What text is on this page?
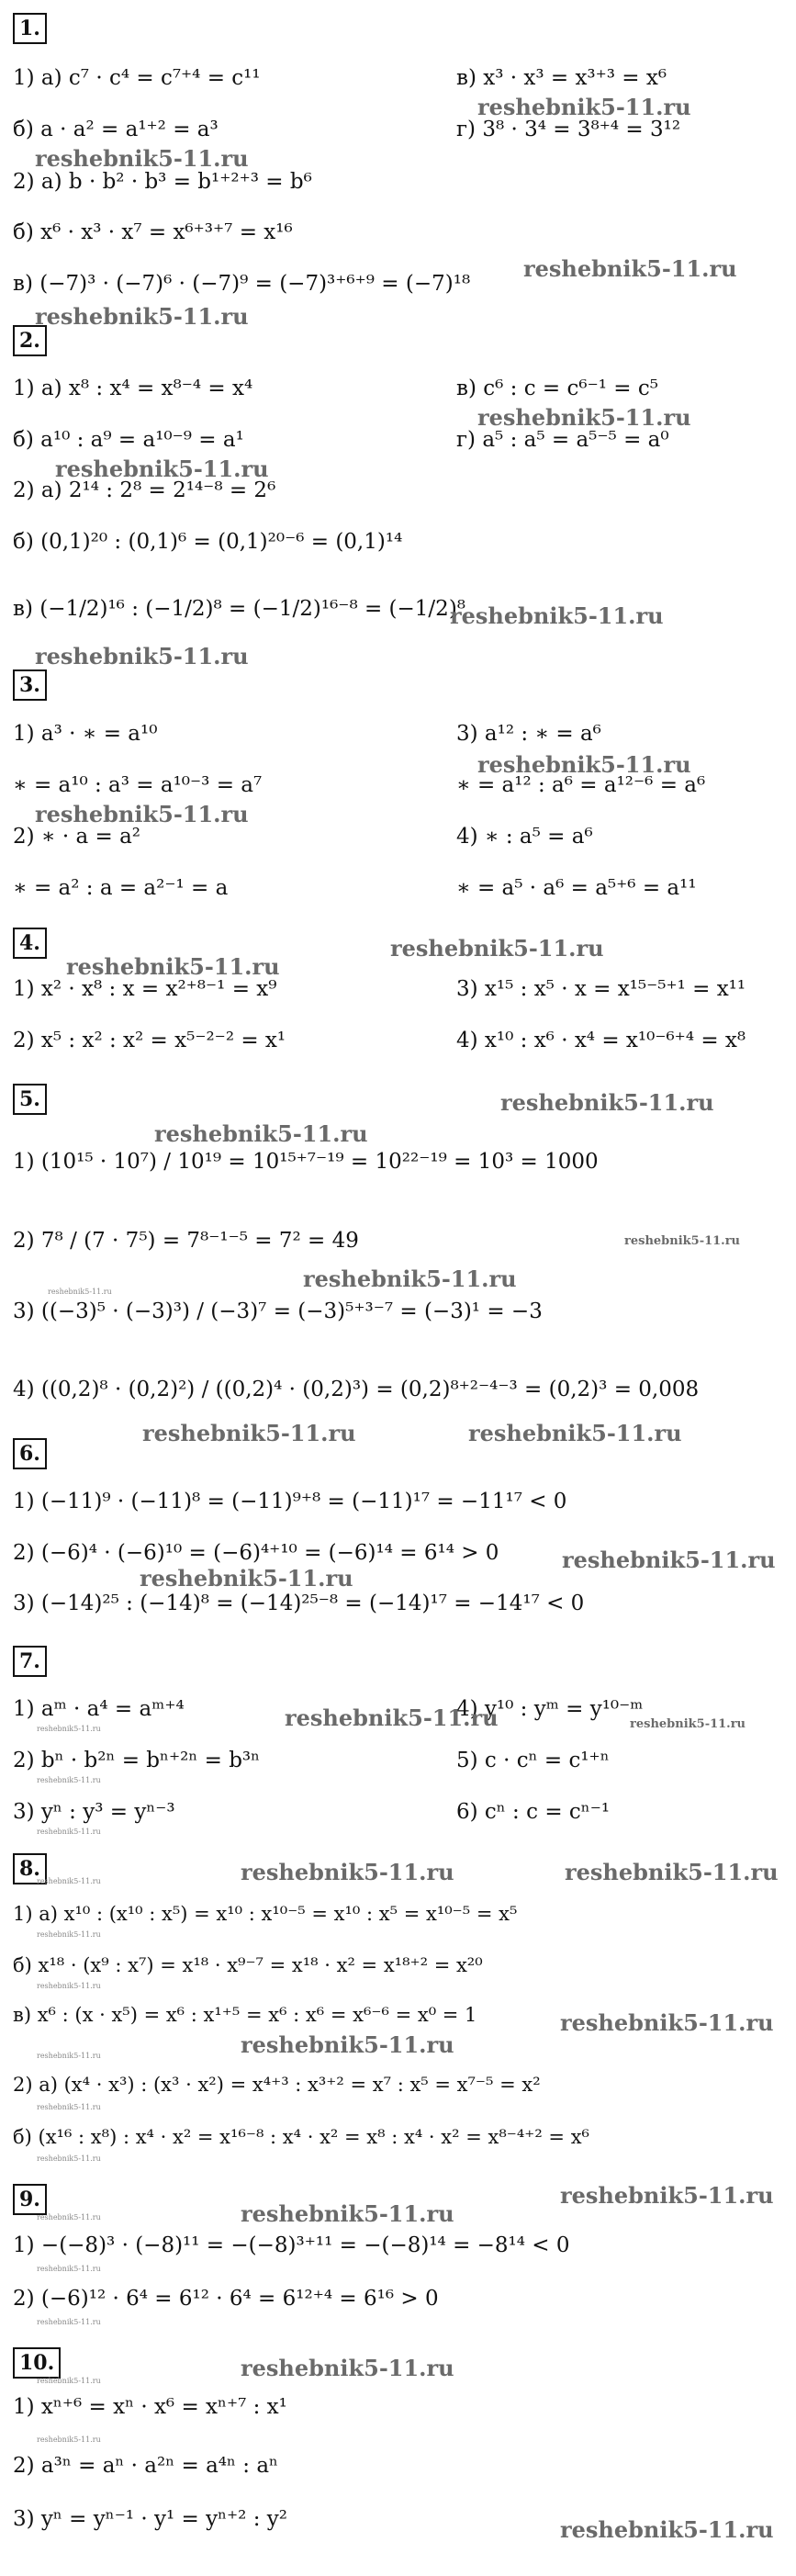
1.
1) а) c⁷ · c⁴ = c⁷⁺⁴ = c¹¹	в) x³ · x³ = x³⁺³ = x⁶
б) a · a² = a¹⁺² = a³	г) 3⁸ · 3⁴ = 3⁸⁺⁴ = 3¹²
2) а) b · b² · b³ = b¹⁺²⁺³ = b⁶
б) x⁶ · x³ · x⁷ = x⁶⁺³⁺⁷ = x¹⁶
в) (−7)³ · (−7)⁶ · (−7)⁹ = (−7)³⁺⁶⁺⁹ = (−7)¹⁸
2.
1) а) x⁸ : x⁴ = x⁸⁻⁴ = x⁴	в) c⁶ : c = c⁶⁻¹ = c⁵
б) a¹⁰ : a⁹ = a¹⁰⁻⁹ = a¹	г) a⁵ : a⁵ = a⁵⁻⁵ = a⁰
2) а) 2¹⁴ : 2⁸ = 2¹⁴⁻⁸ = 2⁶
б) (0,1)²⁰ : (0,1)⁶ = (0,1)²⁰⁻⁶ = (0,1)¹⁴
в) (−1/2)¹⁶ : (−1/2)⁸ = (−1/2)¹⁶⁻⁸ = (−1/2)⁸
3.
1) a³ · ∗ = a¹⁰	3) a¹² : ∗ = a⁶
∗ = a¹⁰ : a³ = a¹⁰⁻³ = a⁷	∗ = a¹² : a⁶ = a¹²⁻⁶ = a⁶
2) ∗ · a = a²	4) ∗ : a⁵ = a⁶
∗ = a² : a = a²⁻¹ = a	∗ = a⁵ · a⁶ = a⁵⁺⁶ = a¹¹
4.
1) x² · x⁸ : x = x²⁺⁸⁻¹ = x⁹	3) x¹⁵ : x⁵ · x = x¹⁵⁻⁵⁺¹ = x¹¹
2) x⁵ : x² : x² = x⁵⁻²⁻² = x¹	4) x¹⁰ : x⁶ · x⁴ = x¹⁰⁻⁶⁺⁴ = x⁸
5.
1) (10¹⁵ · 10⁷) / 10¹⁹ = 10¹⁵⁺⁷⁻¹⁹ = 10²²⁻¹⁹ = 10³ = 1000
2) 7⁸ / (7 · 7⁵) = 7⁸⁻¹⁻⁵ = 7² = 49
3) ((−3)⁵ · (−3)³) / (−3)⁷ = (−3)⁵⁺³⁻⁷ = (−3)¹ = −3
4) ((0,2)⁸ · (0,2)²) / ((0,2)⁴ · (0,2)³) = (0,2)⁸⁺²⁻⁴⁻³ = (0,2)³ = 0,008
6.
1) (−11)⁹ · (−11)⁸ = (−11)⁹⁺⁸ = (−11)¹⁷ = −11¹⁷ < 0
2) (−6)⁴ · (−6)¹⁰ = (−6)⁴⁺¹⁰ = (−6)¹⁴ = 6¹⁴ > 0
3) (−14)²⁵ : (−14)⁸ = (−14)²⁵⁻⁸ = (−14)¹⁷ = −14¹⁷ < 0
7.
1) aᵐ · a⁴ = aᵐ⁺⁴	4) y¹⁰ : yᵐ = y¹⁰⁻ᵐ
2) bⁿ · b²ⁿ = bⁿ⁺²ⁿ = b³ⁿ	5) c · cⁿ = c¹⁺ⁿ
3) yⁿ : y³ = yⁿ⁻³	6) cⁿ : c = cⁿ⁻¹
8.
1) а) x¹⁰ : (x¹⁰ : x⁵) = x¹⁰ : x¹⁰⁻⁵ = x¹⁰ : x⁵ = x¹⁰⁻⁵ = x⁵
б) x¹⁸ · (x⁹ : x⁷) = x¹⁸ · x⁹⁻⁷ = x¹⁸ · x² = x¹⁸⁺² = x²⁰
в) x⁶ : (x · x⁵) = x⁶ : x¹⁺⁵ = x⁶ : x⁶ = x⁶⁻⁶ = x⁰ = 1
2) а) (x⁴ · x³) : (x³ · x²) = x⁴⁺³ : x³⁺² = x⁷ : x⁵ = x⁷⁻⁵ = x²
б) (x¹⁶ : x⁸) : x⁴ · x² = x¹⁶⁻⁸ : x⁴ · x² = x⁸ : x⁴ · x² = x⁸⁻⁴⁺² = x⁶
9.
1) −(−8)³ · (−8)¹¹ = −(−8)³⁺¹¹ = −(−8)¹⁴ = −8¹⁴ < 0
2) (−6)¹² · 6⁴ = 6¹² · 6⁴ = 6¹²⁺⁴ = 6¹⁶ > 0
10.
1) xⁿ⁺⁶ = xⁿ · x⁶ = xⁿ⁺⁷ : x¹
2) a³ⁿ = aⁿ · a²ⁿ = a⁴ⁿ : aⁿ
3) yⁿ = yⁿ⁻¹ · y¹ = yⁿ⁺² : y²
reshebnik5-11.ru
reshebnik5-11.ru
reshebnik5-11.ru
reshebnik5-11.ru
reshebnik5-11.ru
reshebnik5-11.ru
reshebnik5-11.ru
reshebnik5-11.ru
reshebnik5-11.ru
reshebnik5-11.ru
reshebnik5-11.ru
reshebnik5-11.ru
reshebnik5-11.ru
reshebnik5-11.ru
reshebnik5-11.ru
reshebnik5-11.ru
reshebnik5-11.ru
reshebnik5-11.ru
reshebnik5-11.ru
reshebnik5-11.ru
reshebnik5-11.ru
reshebnik5-11.ru	reshebnik5-11.ru
reshebnik5-11.ru
reshebnik5-11.ru
reshebnik5-11.ru
reshebnik5-11.ru	reshebnik5-11.ru
reshebnik5-11.ru
reshebnik5-11.ru
reshebnik5-11.ru
reshebnik5-11.ru
reshebnik5-11.ru
reshebnik5-11.ru
reshebnik5-11.ru
reshebnik5-11.ru
reshebnik5-11.ru
reshebnik5-11.ru
reshebnik5-11.ru
reshebnik5-11.ru
reshebnik5-11.ru
reshebnik5-11.ru
reshebnik5-11.ru
reshebnik5-11.ru
reshebnik5-11.ru
